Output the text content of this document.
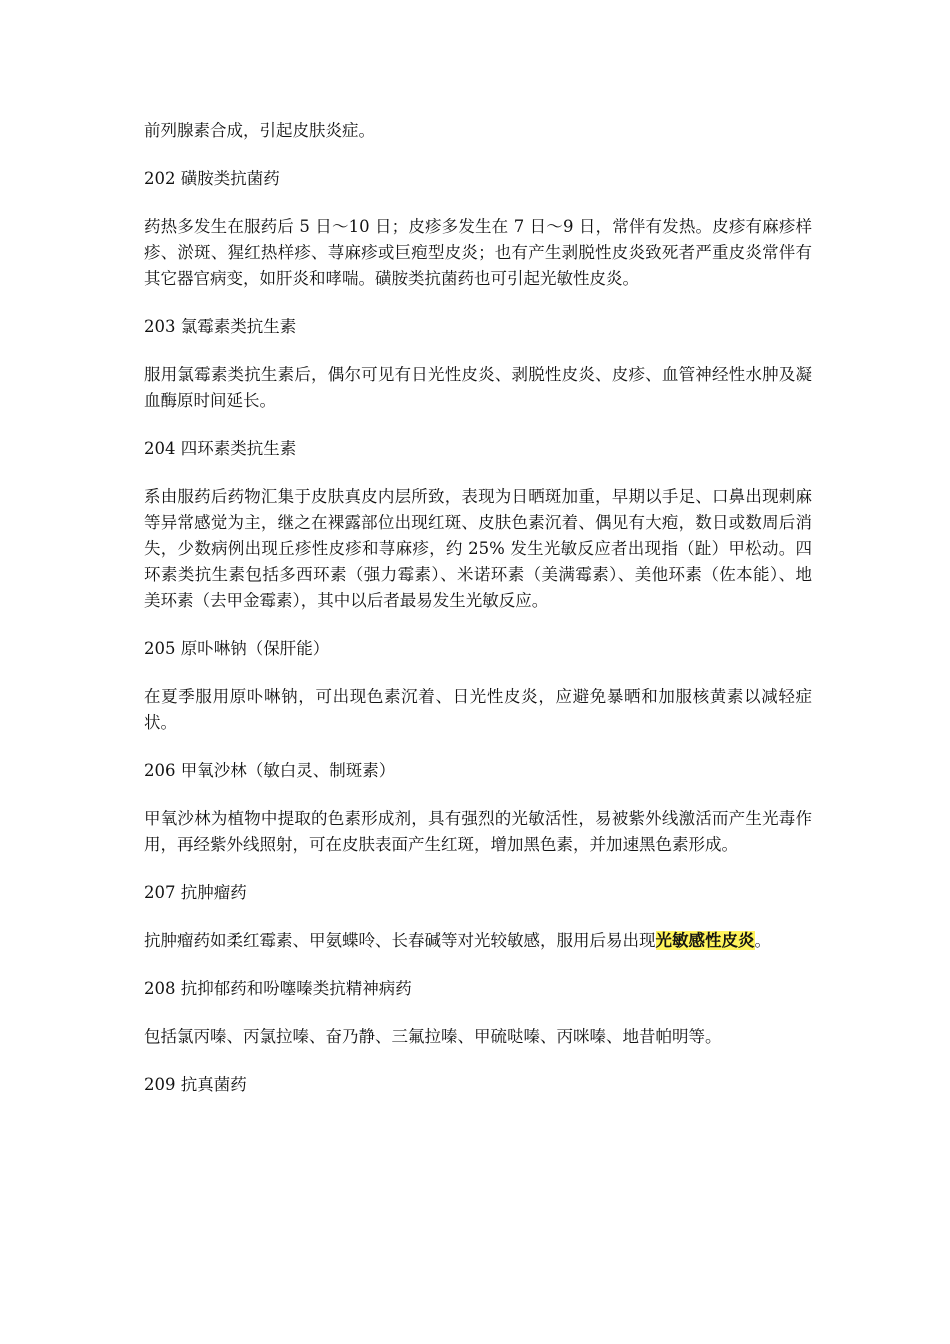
前列腺素合成，引起皮肤炎症。

202 磺胺类抗菌药

药热多发生在服药后 5 日～10 日；皮疹多发生在 7 日～9 日，常伴有发热。皮疹有麻疹样疹、淤斑、猩红热样疹、荨麻疹或巨疱型皮炎；也有产生剥脱性皮炎致死者严重皮炎常伴有其它器官病变，如肝炎和哮喘。磺胺类抗菌药也可引起光敏性皮炎。

203 氯霉素类抗生素

服用氯霉素类抗生素后，偶尔可见有日光性皮炎、剥脱性皮炎、皮疹、血管神经性水肿及凝血酶原时间延长。

204 四环素类抗生素

系由服药后药物汇集于皮肤真皮内层所致，表现为日晒斑加重，早期以手足、口鼻出现刺麻等异常感觉为主，继之在裸露部位出现红斑、皮肤色素沉着、偶见有大疱，数日或数周后消失，少数病例出现丘疹性皮疹和荨麻疹，约 25% 发生光敏反应者出现指（趾）甲松动。四环素类抗生素包括多西环素（强力霉素）、米诺环素（美满霉素）、美他环素（佐本能）、地美环素（去甲金霉素），其中以后者最易发生光敏反应。

205 原卟啉钠（保肝能）

在夏季服用原卟啉钠，可出现色素沉着、日光性皮炎，应避免暴晒和加服核黄素以减轻症状。

206 甲氧沙林（敏白灵、制斑素）

甲氧沙林为植物中提取的色素形成剂，具有强烈的光敏活性，易被紫外线激活而产生光毒作用，再经紫外线照射，可在皮肤表面产生红斑，增加黑色素，并加速黑色素形成。

207 抗肿瘤药

抗肿瘤药如柔红霉素、甲氨蝶呤、长春碱等对光较敏感，服用后易出现光敏感性皮炎。

208 抗抑郁药和吩噻嗪类抗精神病药

包括氯丙嗪、丙氯拉嗪、奋乃静、三氟拉嗪、甲硫哒嗪、丙咪嗪、地昔帕明等。

209 抗真菌药
